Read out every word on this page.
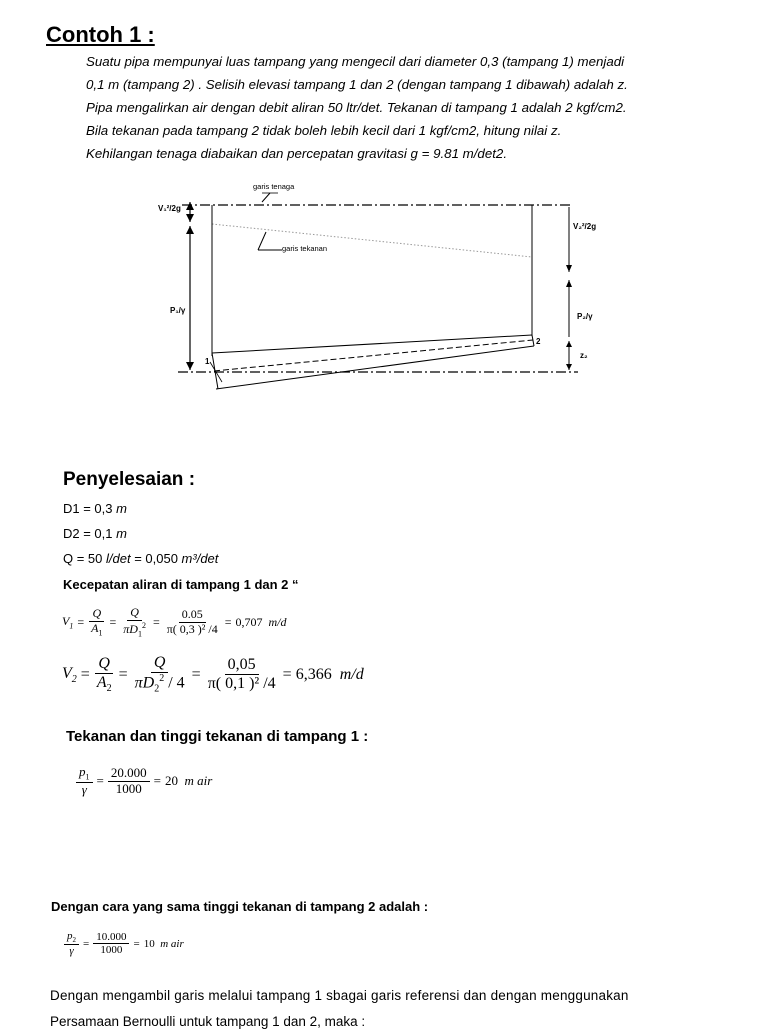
Contoh 1 :
Suatu pipa mempunyai luas tampang yang mengecil dari diameter 0,3 (tampang 1) menjadi
0,1 m (tampang 2) . Selisih elevasi tampang 1 dan 2 (dengan tampang 1 dibawah) adalah z.
Pipa mengalirkan air dengan debit aliran 50 ltr/det. Tekanan di tampang 1 adalah 2 kgf/cm2.
Bila tekanan pada tampang 2 tidak boleh lebih kecil dari 1 kgf/cm2, hitung nilai z.
Kehilangan tenaga diabaikan dan percepatan gravitasi g = 9.81 m/det2.
garis tenaga
garis tekanan
V₁²/2g
V₂²/2g
P₁/γ
P₂/γ
z₂
1
2
Penyelesaian :
D1 = 0,3 m
D2 = 0,1 m
Q = 50 l/det = 0,050 m³/det
Kecepatan aliran di tampang 1 dan 2 “
$V_1 = \frac{Q}{A_1} = \frac{Q}{\pi D_1^2} = \frac{0.05}{\text{π( 0,3 )² /4}} = 0,707$
m/d
$V_2 = \frac{Q}{A_2} = \frac{Q}{\pi D_2^2 / 4} = \frac{0,05}{\text{π( 0,1 )² /4}} = 6,366$
m/d
Tekanan dan tinggi tekanan di tampang 1 :
$\frac{p_1}{\gamma} = \frac{20.000}{1000} = 20$
m air
Dengan cara yang sama tinggi tekanan di tampang 2 adalah :
$\frac{p_2}{\gamma} = \frac{10.000}{1000} = 10$
m air
Dengan mengambil garis melalui tampang 1 sbagai garis referensi dan dengan menggunakan
Persamaan Bernoulli untuk tampang 1 dan 2, maka :
